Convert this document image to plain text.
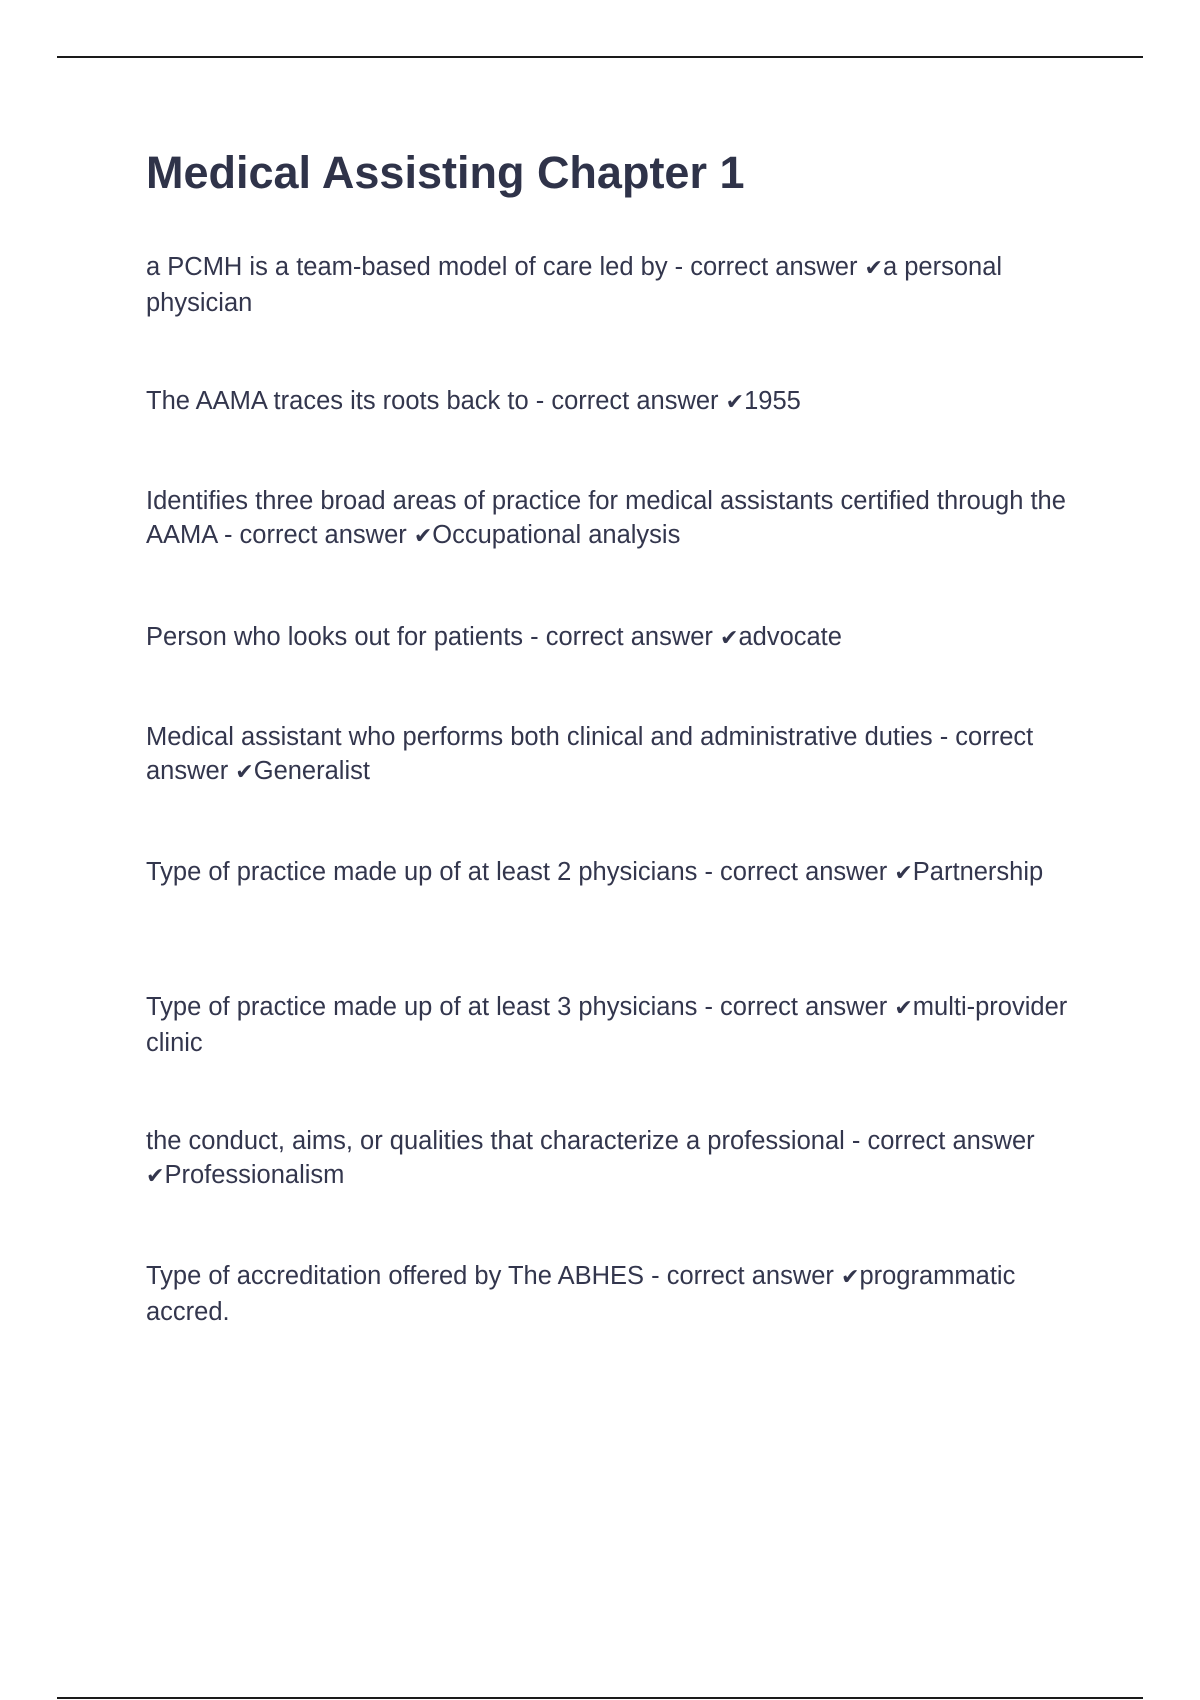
Medical Assisting Chapter 1

a PCMH is a team-based model of care led by - correct answer ✔a personal physician

The AAMA traces its roots back to - correct answer ✔1955

Identifies three broad areas of practice for medical assistants certified through the AAMA - correct answer ✔Occupational analysis

Person who looks out for patients - correct answer ✔advocate

Medical assistant who performs both clinical and administrative duties - correct answer ✔Generalist

Type of practice made up of at least 2 physicians - correct answer ✔Partnership

Type of practice made up of at least 3 physicians - correct answer ✔multi-provider clinic

the conduct, aims, or qualities that characterize a professional - correct answer ✔Professionalism

Type of accreditation offered by The ABHES - correct answer ✔programmatic accred.
